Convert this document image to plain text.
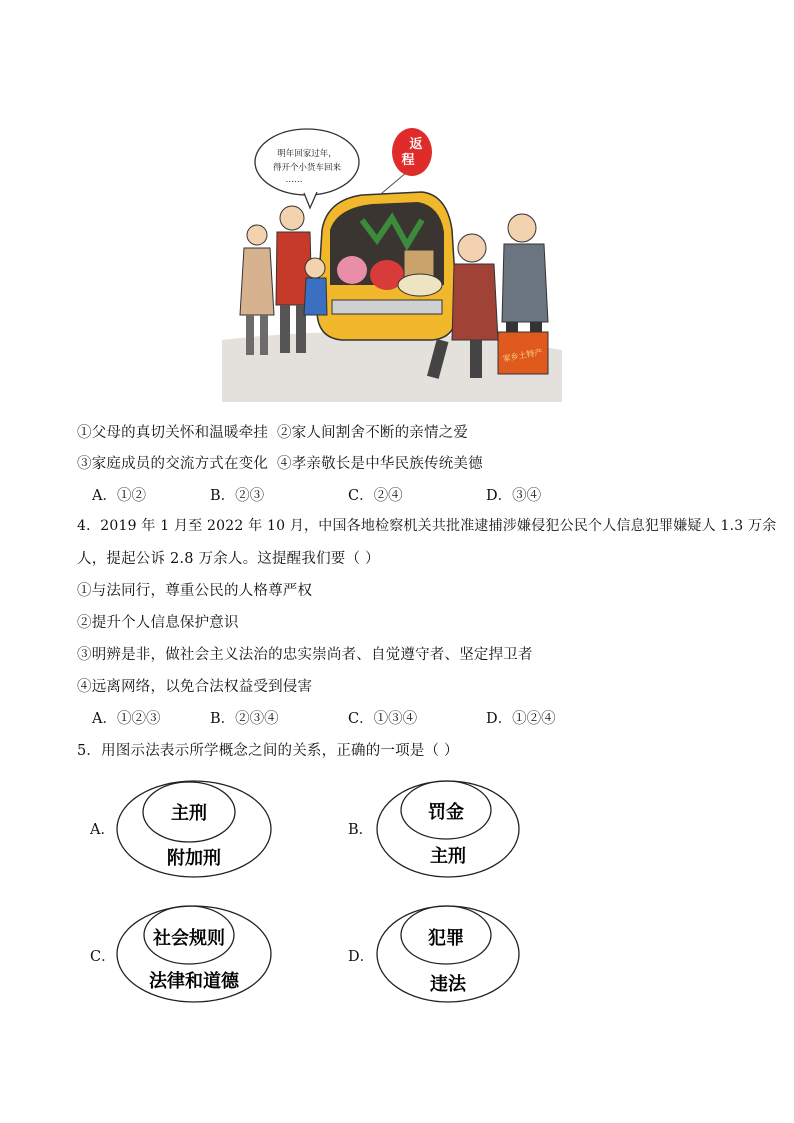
明年回家过年，
得开个小货车回来
……
返
程
家乡土特产
①父母的真切关怀和温暖牵挂 ②家人间割舍不断的亲情之爱
③家庭成员的交流方式在变化 ④孝亲敬长是中华民族传统美德
A．①②	B．②③	C．②④	D．③④
4．2019 年 1 月至 2022 年 10 月，中国各地检察机关共批准逮捕涉嫌侵犯公民个人信息犯罪嫌疑人 1.3 万余
人，提起公诉 2.8 万余人。这提醒我们要（ ）
①与法同行，尊重公民的人格尊严权
②提升个人信息保护意识
③明辨是非，做社会主义法治的忠实崇尚者、自觉遵守者、坚定捍卫者
④远离网络，以免合法权益受到侵害
A．①②③	B．②③④	C．①③④	D．①②④
5．用图示法表示所学概念之间的关系，正确的一项是（ ）
A．
主刑
附加刑
B．
罚金
主刑
C．
社会规则
法律和道德
D．
犯罪
违法
